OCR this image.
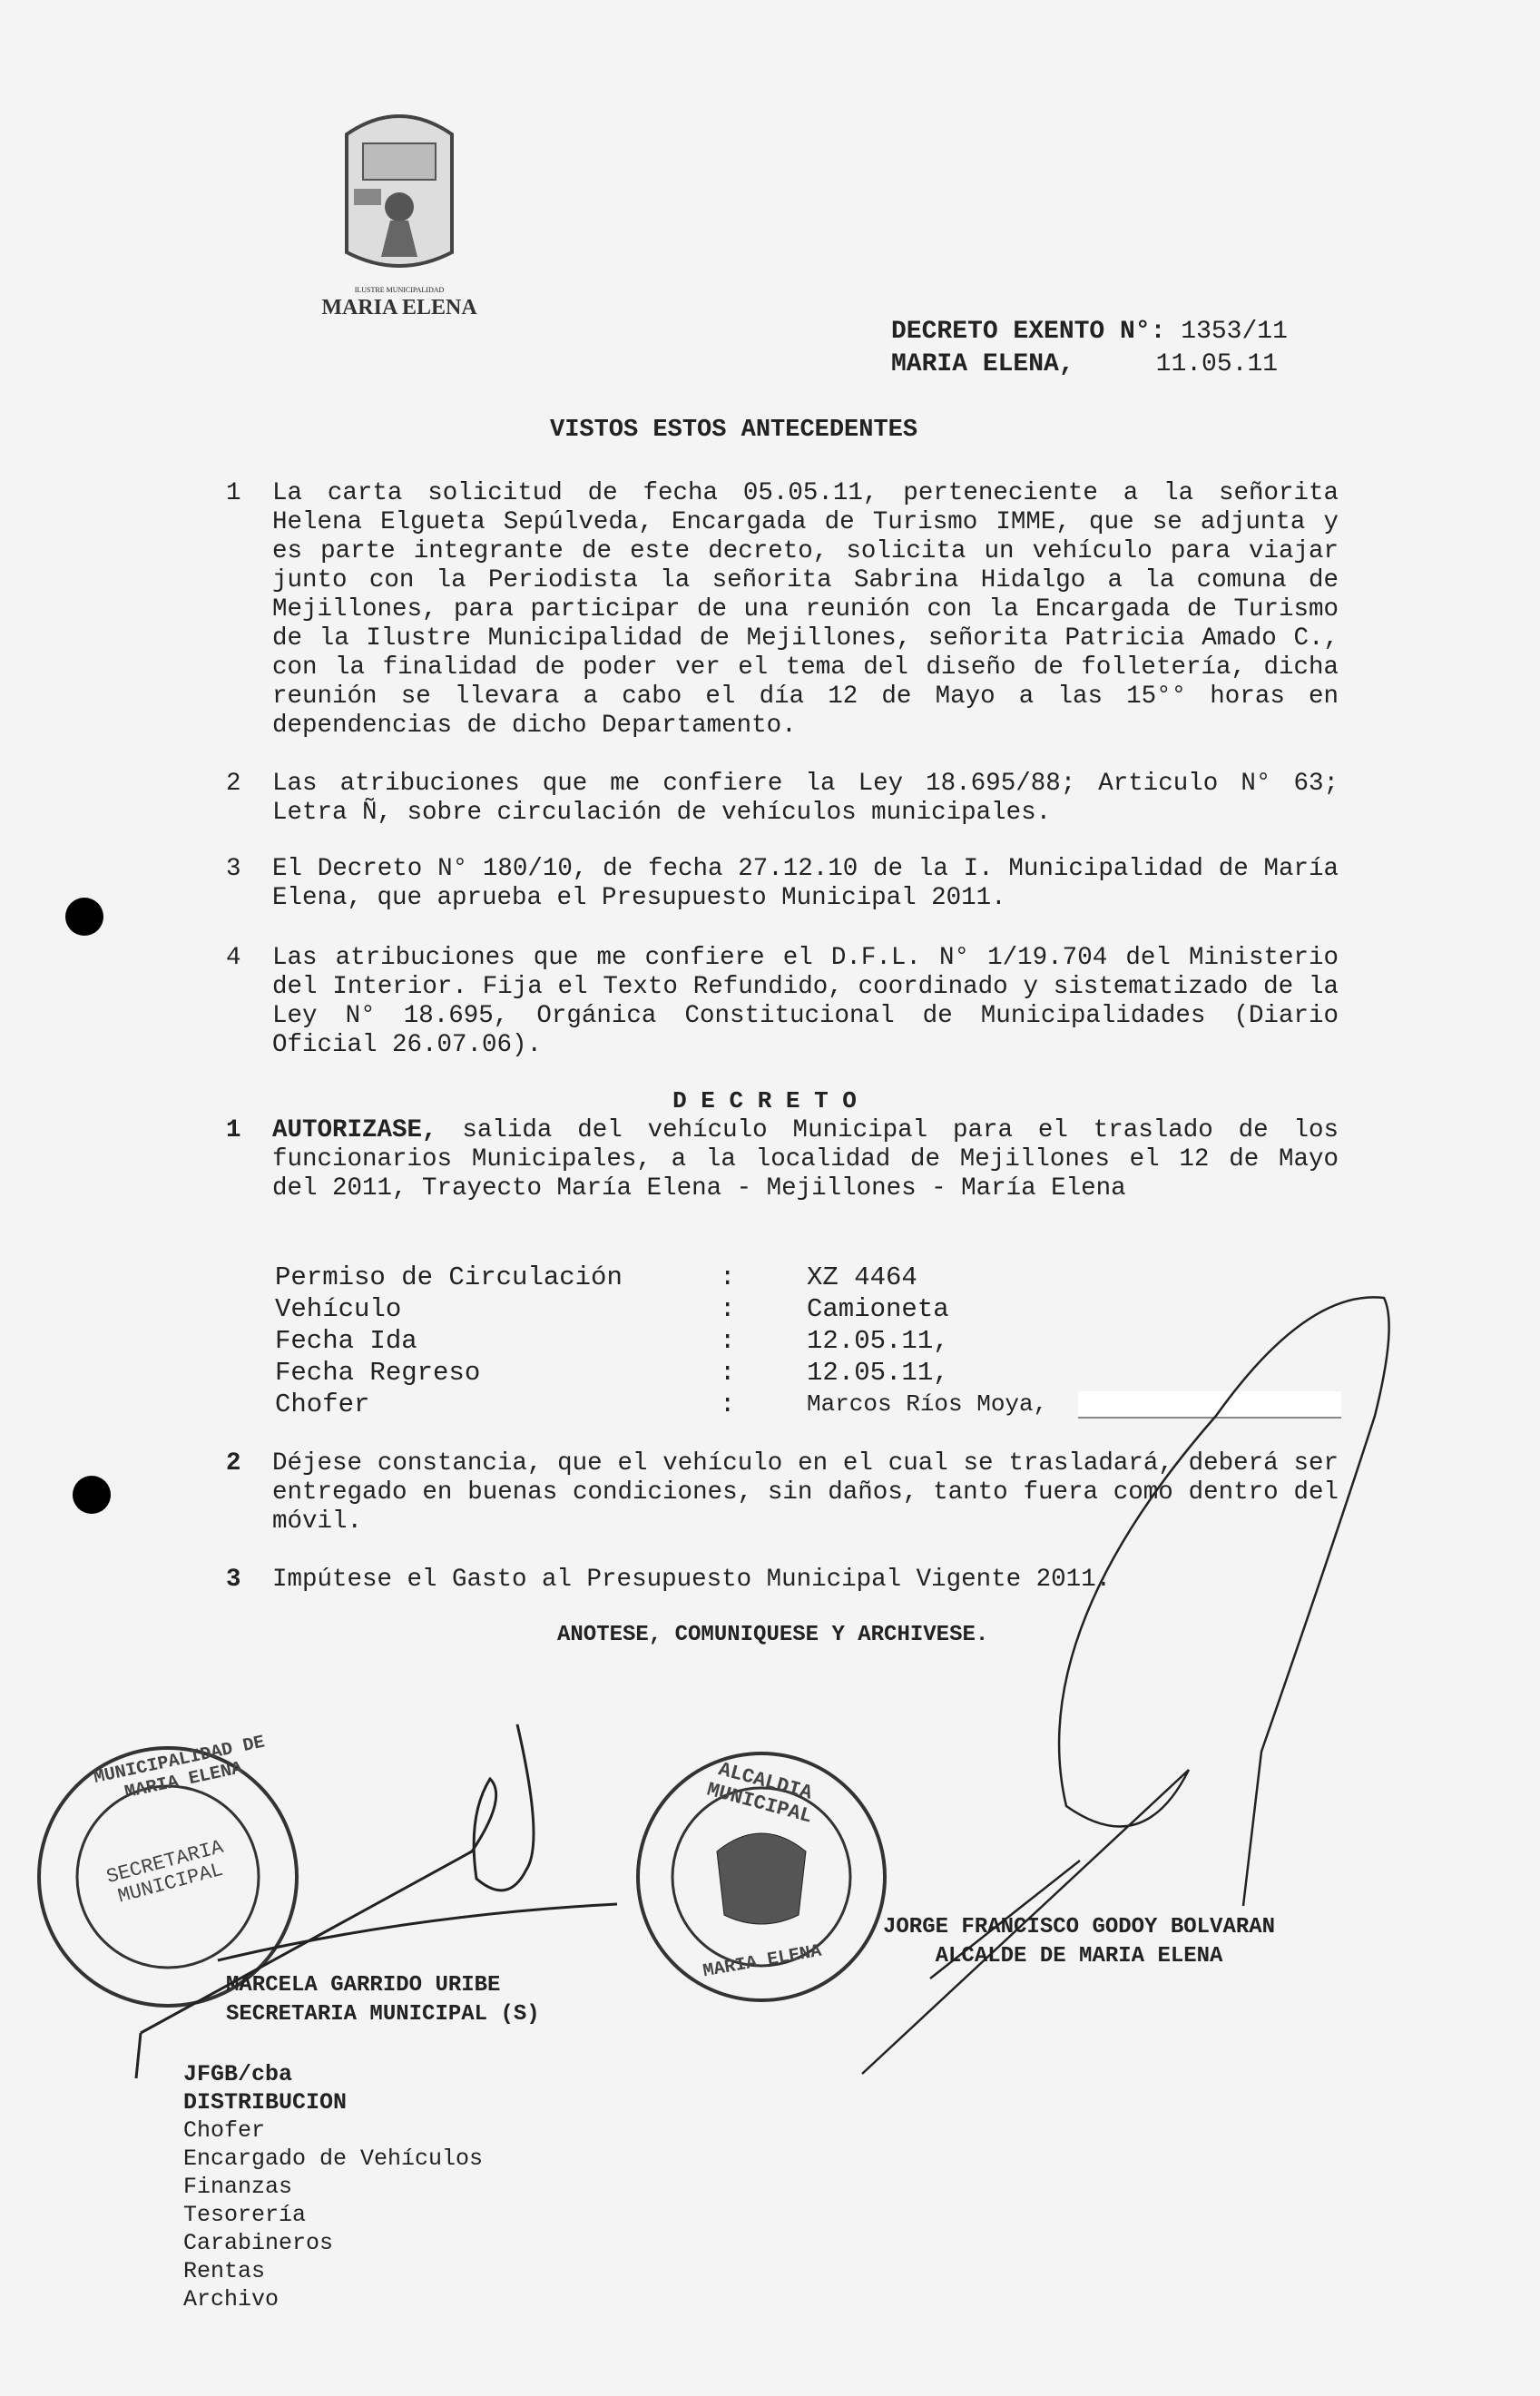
ILUSTRE MUNICIPALIDAD
MARIA ELENA
DECRETO EXENTO N°: 1353/11
MARIA ELENA,	11.05.11
VISTOS ESTOS ANTECEDENTES
1 La carta solicitud de fecha 05.05.11, perteneciente a la señorita Helena Elgueta Sepúlveda, Encargada de Turismo IMME, que se adjunta y es parte integrante de este decreto, solicita un vehículo para viajar junto con la Periodista la señorita Sabrina Hidalgo a la comuna de Mejillones, para participar de una reunión con la Encargada de Turismo de la Ilustre Municipalidad de Mejillones, señorita Patricia Amado C., con la finalidad de poder ver el tema del diseño de folletería, dicha reunión se llevara a cabo el día 12 de Mayo a las 15°° horas en dependencias de dicho Departamento.
2 Las atribuciones que me confiere la Ley 18.695/88; Articulo N° 63; Letra Ñ, sobre circulación de vehículos municipales.
3 El Decreto N° 180/10, de fecha 27.12.10 de la I. Municipalidad de María Elena, que aprueba el Presupuesto Municipal 2011.
4 Las atribuciones que me confiere el D.F.L. N° 1/19.704 del Ministerio del Interior. Fija el Texto Refundido, coordinado y sistematizado de la Ley N° 18.695, Orgánica Constitucional de Municipalidades (Diario Oficial 26.07.06).
D E C R E T O
1 AUTORIZASE, salida del vehículo Municipal para el traslado de los funcionarios Municipales, a la localidad de Mejillones el 12 de Mayo del 2011, Trayecto María Elena - Mejillones - María Elena
Permiso de Circulación	:	XZ 4464
Vehículo	:	Camioneta
Fecha Ida	:	12.05.11,
Fecha Regreso	:	12.05.11,
Chofer	:	Marcos Ríos Moya,
2 Déjese constancia, que el vehículo en el cual se trasladará, deberá ser entregado en buenas condiciones, sin daños, tanto fuera como dentro del móvil.
3 Impútese el Gasto al Presupuesto Municipal Vigente 2011.
ANOTESE, COMUNIQUESE Y ARCHIVESE.
MUNICIPALIDAD DE MARIA ELENA
SECRETARIA MUNICIPAL
ALCALDIA MUNICIPAL
MARIA ELENA
JORGE FRANCISCO GODOY BOLVARAN
ALCALDE DE MARIA ELENA
MARCELA GARRIDO URIBE
SECRETARIA MUNICIPAL (S)
JFGB/cba
DISTRIBUCION
Chofer
Encargado de Vehículos
Finanzas
Tesorería
Carabineros
Rentas
Archivo
